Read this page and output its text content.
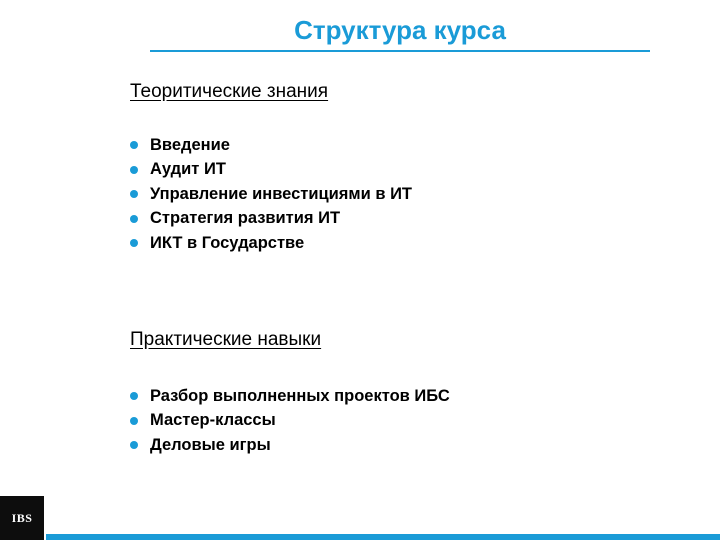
Структура курса
Теоритические знания
Введение
Аудит ИТ
Управление инвестициями в ИТ
Стратегия развития ИТ
ИКТ в Государстве
Практические навыки
Разбор выполненных проектов ИБС
Мастер-классы
Деловые игры
IBS
